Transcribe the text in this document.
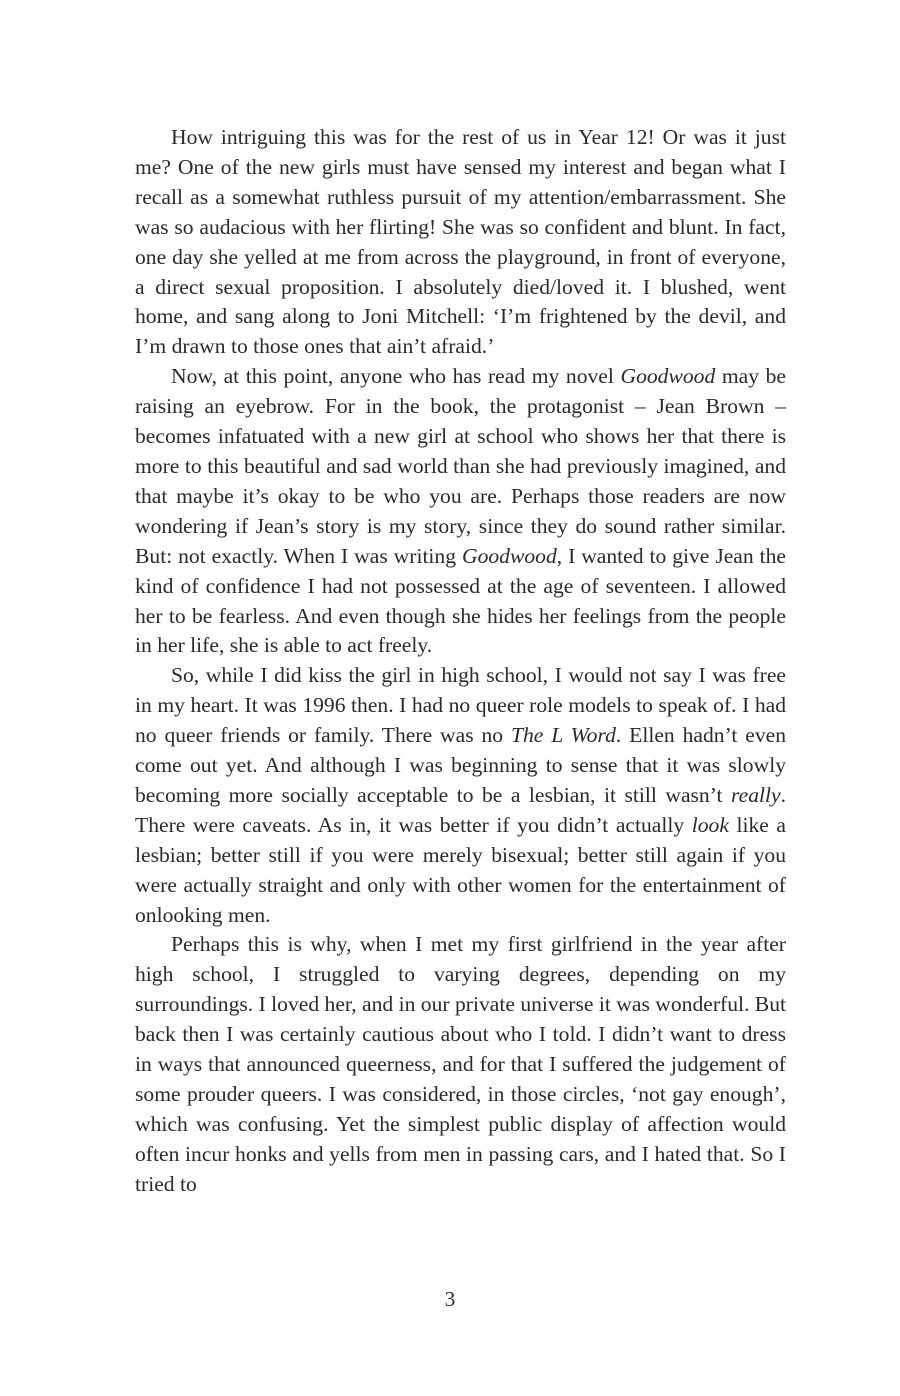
How intriguing this was for the rest of us in Year 12! Or was it just me? One of the new girls must have sensed my interest and began what I recall as a somewhat ruthless pursuit of my attention/embarrassment. She was so audacious with her flirting! She was so confident and blunt. In fact, one day she yelled at me from across the playground, in front of everyone, a direct sexual proposition. I absolutely died/loved it. I blushed, went home, and sang along to Joni Mitchell: ‘I’m frightened by the devil, and I’m drawn to those ones that ain’t afraid.’

Now, at this point, anyone who has read my novel Goodwood may be raising an eyebrow. For in the book, the protagonist – Jean Brown – becomes infatuated with a new girl at school who shows her that there is more to this beautiful and sad world than she had previously imagined, and that maybe it’s okay to be who you are. Perhaps those readers are now wondering if Jean’s story is my story, since they do sound rather similar. But: not exactly. When I was writing Goodwood, I wanted to give Jean the kind of confidence I had not possessed at the age of seventeen. I allowed her to be fearless. And even though she hides her feelings from the people in her life, she is able to act freely.

So, while I did kiss the girl in high school, I would not say I was free in my heart. It was 1996 then. I had no queer role models to speak of. I had no queer friends or family. There was no The L Word. Ellen hadn’t even come out yet. And although I was beginning to sense that it was slowly becoming more socially acceptable to be a lesbian, it still wasn’t really. There were caveats. As in, it was better if you didn’t actually look like a lesbian; better still if you were merely bisexual; better still again if you were actually straight and only with other women for the entertainment of onlooking men.

Perhaps this is why, when I met my first girlfriend in the year after high school, I struggled to varying degrees, depending on my surroundings. I loved her, and in our private universe it was wonderful. But back then I was certainly cautious about who I told. I didn’t want to dress in ways that announced queerness, and for that I suffered the judgement of some prouder queers. I was considered, in those circles, ‘not gay enough’, which was confusing. Yet the simplest public display of affection would often incur honks and yells from men in passing cars, and I hated that. So I tried to

3
